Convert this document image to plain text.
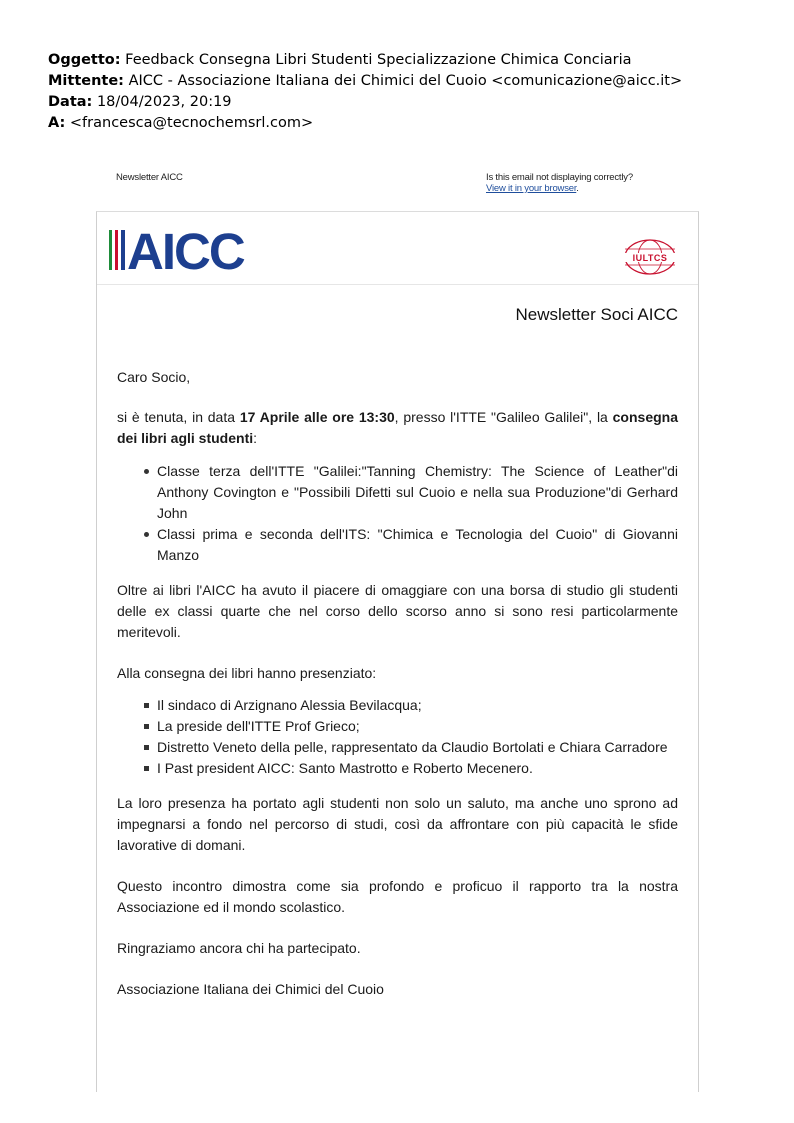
Oggetto: Feedback Consegna Libri Studenti Specializzazione Chimica Conciaria
Mittente: AICC - Associazione Italiana dei Chimici del Cuoio <comunicazione@aicc.it>
Data: 18/04/2023, 20:19
A: <francesca@tecnochemsrl.com>
Newsletter AICC	Is this email not displaying correctly?
View it in your browser.
AICC	IULTCS
Newsletter Soci AICC

Caro Socio,

si è tenuta, in data 17 Aprile alle ore 13:30, presso l'ITTE "Galileo Galilei", la consegna dei libri agli studenti:

Classe terza dell'ITTE "Galilei:"Tanning Chemistry: The Science of Leather"di Anthony Covington e "Possibili Difetti sul Cuoio e nella sua Produzione"di Gerhard John
Classi prima e seconda dell'ITS: "Chimica e Tecnologia del Cuoio" di Giovanni Manzo

Oltre ai libri l'AICC ha avuto il piacere di omaggiare con una borsa di studio gli studenti delle ex classi quarte che nel corso dello scorso anno si sono resi particolarmente meritevoli.

Alla consegna dei libri hanno presenziato:

Il sindaco di Arzignano Alessia Bevilacqua;
La preside dell'ITTE Prof Grieco;
Distretto Veneto della pelle, rappresentato da Claudio Bortolati e Chiara Carradore
I Past president AICC: Santo Mastrotto e Roberto Mecenero.

La loro presenza ha portato agli studenti non solo un saluto, ma anche uno sprono ad impegnarsi a fondo nel percorso di studi, così da affrontare con più capacità le sfide lavorative di domani.

Questo incontro dimostra come sia profondo e proficuo il rapporto tra la nostra Associazione ed il mondo scolastico.

Ringraziamo ancora chi ha partecipato.

Associazione Italiana dei Chimici del Cuoio
